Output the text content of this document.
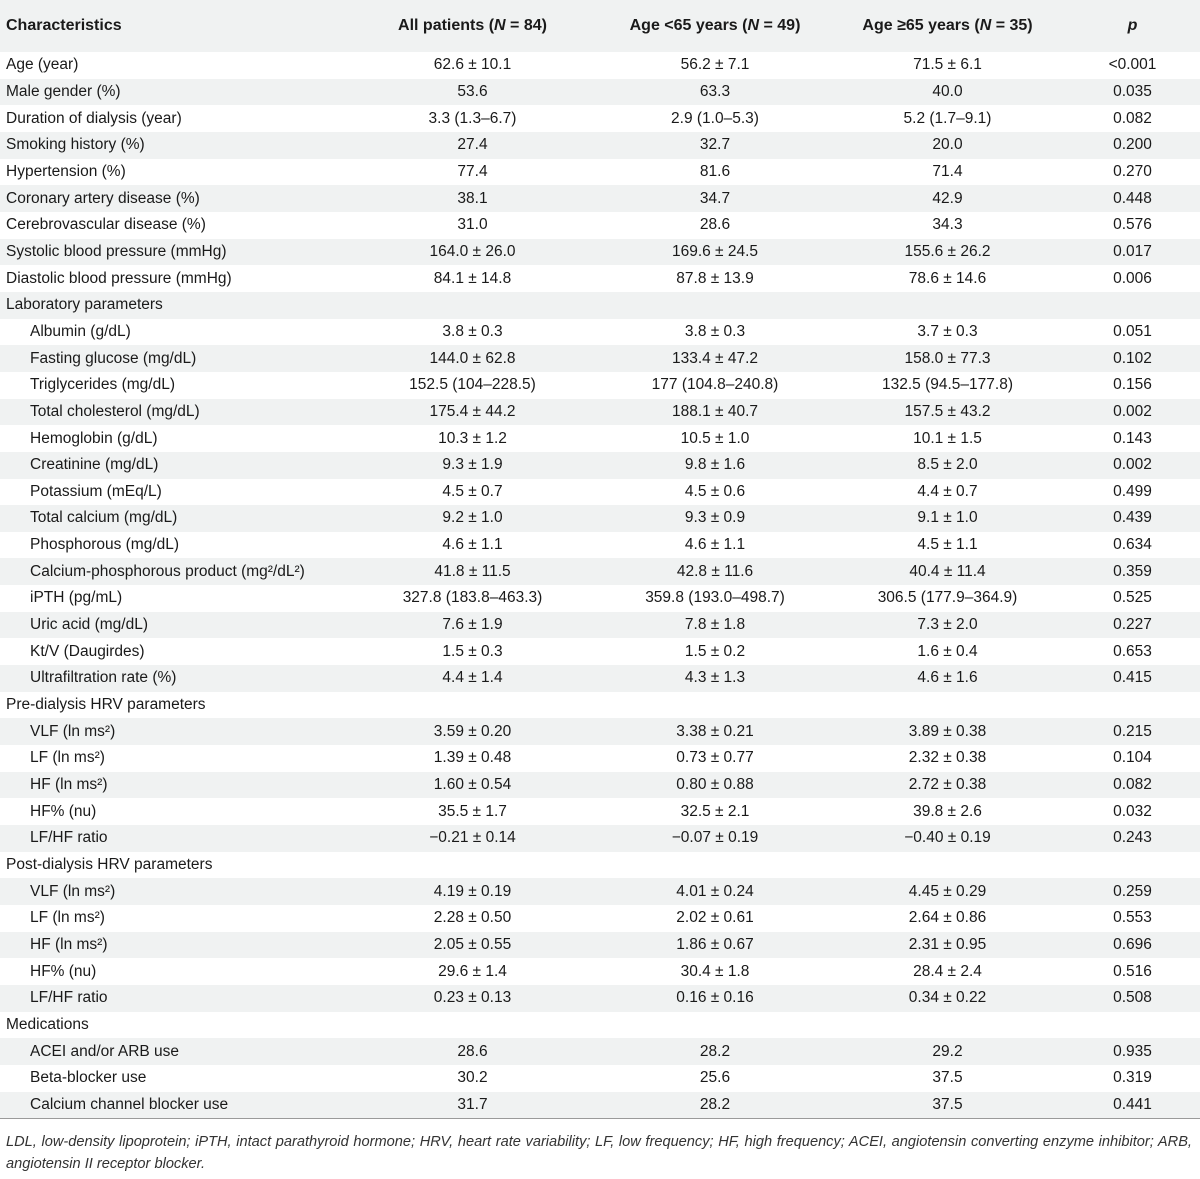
Characteristics	All patients (N = 84)	Age <65 years (N = 49)	Age ≥65 years (N = 35)	p
Age (year)	62.6 ± 10.1	56.2 ± 7.1	71.5 ± 6.1	<0.001
Male gender (%)	53.6	63.3	40.0	0.035
Duration of dialysis (year)	3.3 (1.3–6.7)	2.9 (1.0–5.3)	5.2 (1.7–9.1)	0.082
Smoking history (%)	27.4	32.7	20.0	0.200
Hypertension (%)	77.4	81.6	71.4	0.270
Coronary artery disease (%)	38.1	34.7	42.9	0.448
Cerebrovascular disease (%)	31.0	28.6	34.3	0.576
Systolic blood pressure (mmHg)	164.0 ± 26.0	169.6 ± 24.5	155.6 ± 26.2	0.017
Diastolic blood pressure (mmHg)	84.1 ± 14.8	87.8 ± 13.9	78.6 ± 14.6	0.006
Laboratory parameters				
Albumin (g/dL)	3.8 ± 0.3	3.8 ± 0.3	3.7 ± 0.3	0.051
Fasting glucose (mg/dL)	144.0 ± 62.8	133.4 ± 47.2	158.0 ± 77.3	0.102
Triglycerides (mg/dL)	152.5 (104–228.5)	177 (104.8–240.8)	132.5 (94.5–177.8)	0.156
Total cholesterol (mg/dL)	175.4 ± 44.2	188.1 ± 40.7	157.5 ± 43.2	0.002
Hemoglobin (g/dL)	10.3 ± 1.2	10.5 ± 1.0	10.1 ± 1.5	0.143
Creatinine (mg/dL)	9.3 ± 1.9	9.8 ± 1.6	8.5 ± 2.0	0.002
Potassium (mEq/L)	4.5 ± 0.7	4.5 ± 0.6	4.4 ± 0.7	0.499
Total calcium (mg/dL)	9.2 ± 1.0	9.3 ± 0.9	9.1 ± 1.0	0.439
Phosphorous (mg/dL)	4.6 ± 1.1	4.6 ± 1.1	4.5 ± 1.1	0.634
Calcium-phosphorous product (mg²/dL²)	41.8 ± 11.5	42.8 ± 11.6	40.4 ± 11.4	0.359
iPTH (pg/mL)	327.8 (183.8–463.3)	359.8 (193.0–498.7)	306.5 (177.9–364.9)	0.525
Uric acid (mg/dL)	7.6 ± 1.9	7.8 ± 1.8	7.3 ± 2.0	0.227
Kt/V (Daugirdes)	1.5 ± 0.3	1.5 ± 0.2	1.6 ± 0.4	0.653
Ultrafiltration rate (%)	4.4 ± 1.4	4.3 ± 1.3	4.6 ± 1.6	0.415
Pre-dialysis HRV parameters				
VLF (ln ms²)	3.59 ± 0.20	3.38 ± 0.21	3.89 ± 0.38	0.215
LF (ln ms²)	1.39 ± 0.48	0.73 ± 0.77	2.32 ± 0.38	0.104
HF (ln ms²)	1.60 ± 0.54	0.80 ± 0.88	2.72 ± 0.38	0.082
HF% (nu)	35.5 ± 1.7	32.5 ± 2.1	39.8 ± 2.6	0.032
LF/HF ratio	−0.21 ± 0.14	−0.07 ± 0.19	−0.40 ± 0.19	0.243
Post-dialysis HRV parameters				
VLF (ln ms²)	4.19 ± 0.19	4.01 ± 0.24	4.45 ± 0.29	0.259
LF (ln ms²)	2.28 ± 0.50	2.02 ± 0.61	2.64 ± 0.86	0.553
HF (ln ms²)	2.05 ± 0.55	1.86 ± 0.67	2.31 ± 0.95	0.696
HF% (nu)	29.6 ± 1.4	30.4 ± 1.8	28.4 ± 2.4	0.516
LF/HF ratio	0.23 ± 0.13	0.16 ± 0.16	0.34 ± 0.22	0.508
Medications				
ACEI and/or ARB use	28.6	28.2	29.2	0.935
Beta-blocker use	30.2	25.6	37.5	0.319
Calcium channel blocker use	31.7	28.2	37.5	0.441
LDL, low-density lipoprotein; iPTH, intact parathyroid hormone; HRV, heart rate variability; LF, low frequency; HF, high frequency; ACEI, angiotensin converting enzyme inhibitor; ARB, angiotensin II receptor blocker.
